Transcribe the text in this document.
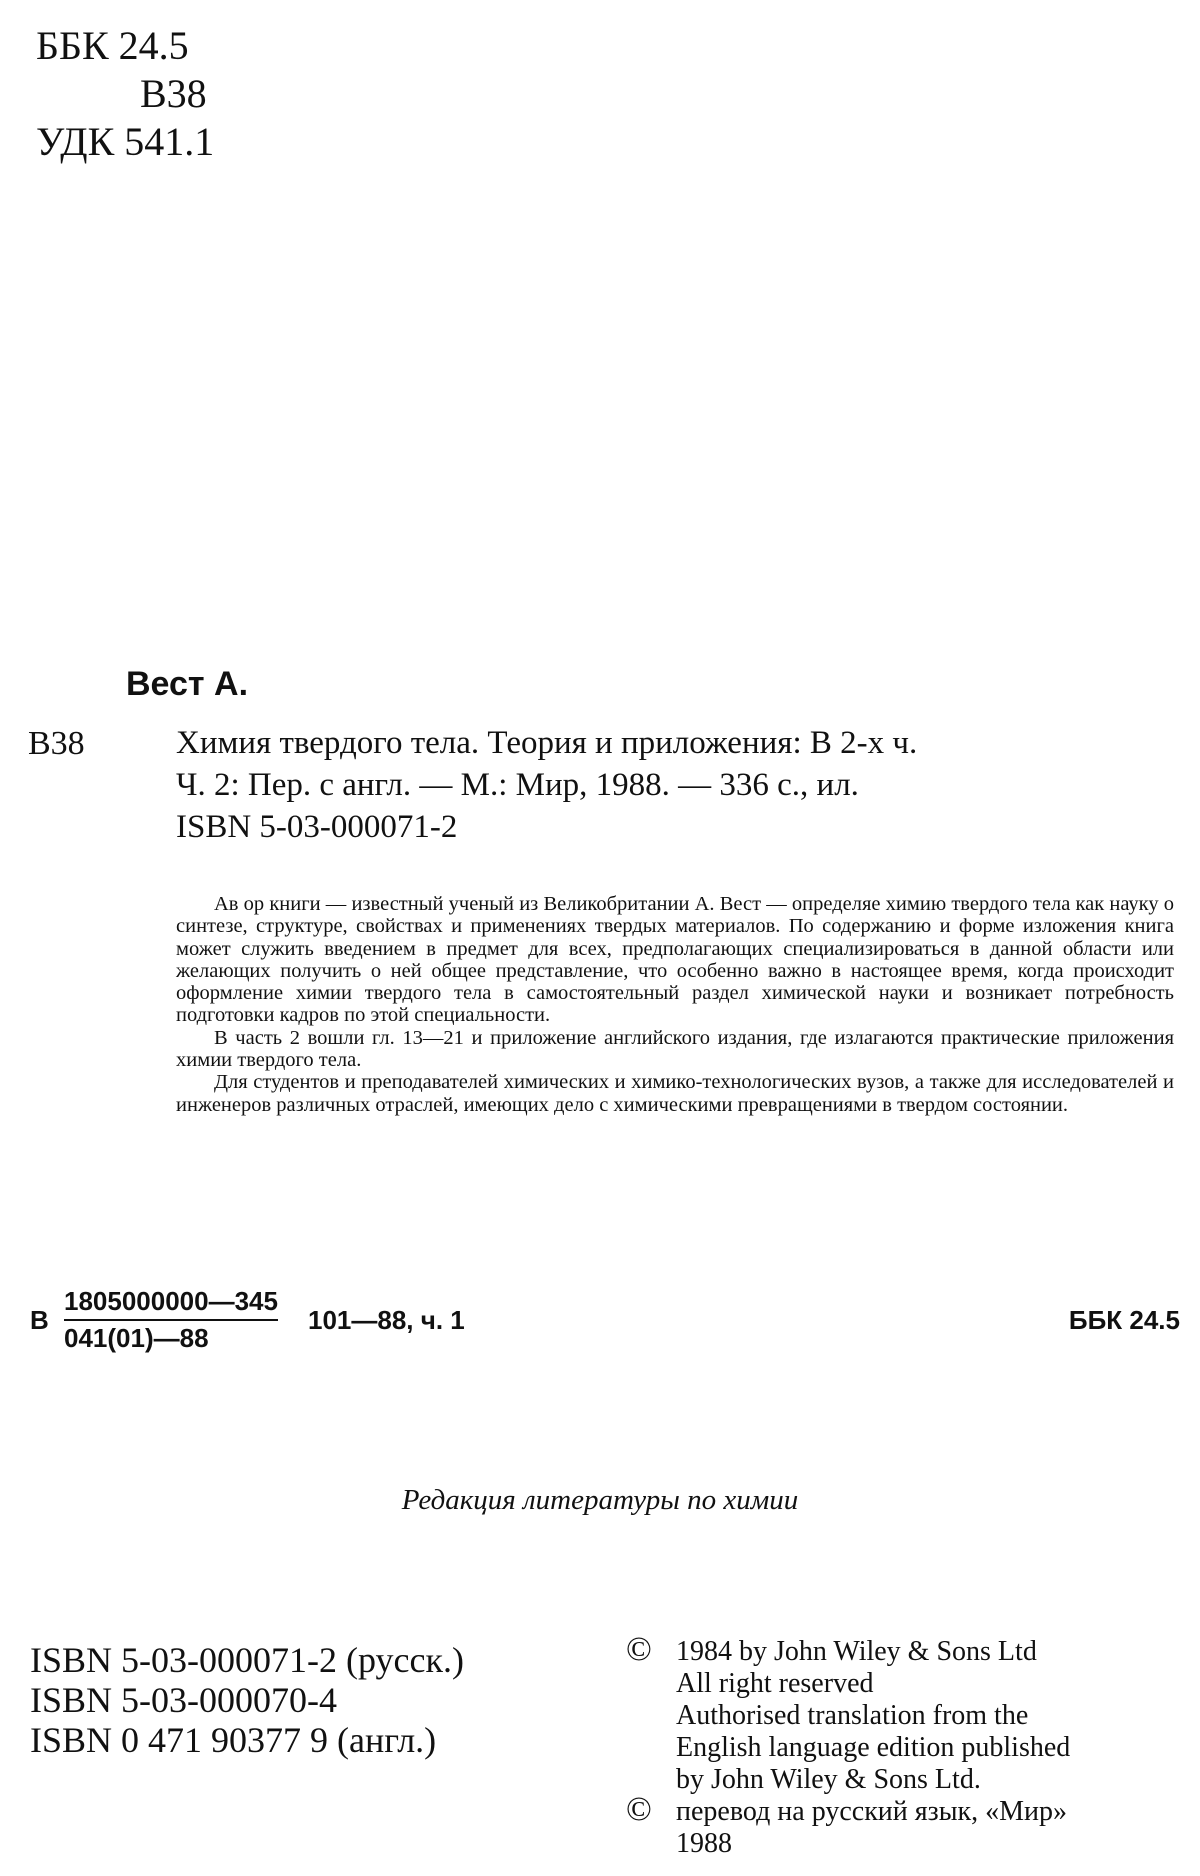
ББК 24.5
В38
УДК 541.1
Вест А.
В38	Химия твердого тела. Теория и приложения: В 2-х ч.
Ч. 2: Пер. с англ. — М.: Мир, 1988. — 336 с., ил.
ISBN 5-03-000071-2

Ав ор книги — известный ученый из Великобритании А. Вест — определяе химию твердого тела как науку о синтезе, структуре, свойствах и применениях твердых материалов. По содержанию и форме изложения книга может служить введением в предмет для всех, предполагающих специализироваться в данной области или желающих получить о ней общее представление, что особенно важно в настоящее время, когда происходит оформление химии твердого тела в самостоятельный раздел химической науки и возникает потребность подготовки кадров по этой специальности.

В часть 2 вошли гл. 13—21 и приложение английского издания, где излагаются практические приложения химии твердого тела.

Для студентов и преподавателей химических и химико-технологических вузов, а также для исследователей и инженеров различных отраслей, имеющих дело с химическими превращениями в твердом состоянии.

В $\frac{1805000000—345}{041(01)—88}$ 101—88, ч. 1	ББК 24.5
Редакция литературы по химии
ISBN 5-03-000071-2 (русск.)
ISBN 5-03-000070-4
ISBN 0 471 90377 9 (англ.)
© 1984 by John Wiley & Sons Ltd
All right reserved
Authorised translation from the
English language edition published
by John Wiley & Sons Ltd.
© перевод на русский язык, «Мир»
1988
